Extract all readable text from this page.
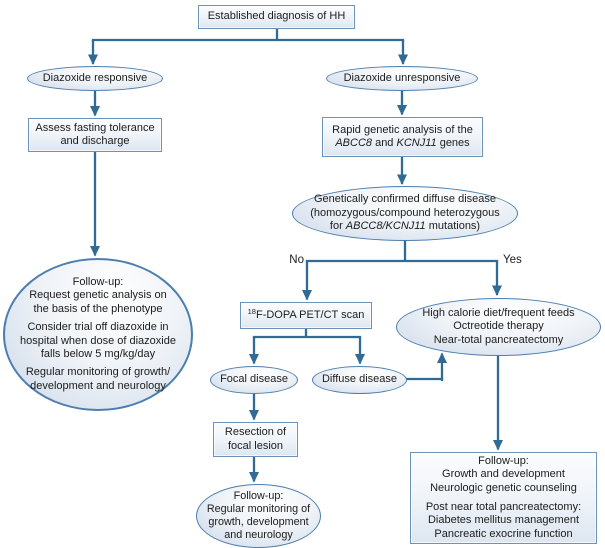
Established diagnosis of HH
Diazoxide responsive
Assess fasting tolerance
and discharge
Follow-up:
Request genetic analysis on
the basis of the phenotype
Consider trial off diazoxide in
hospital when dose of diazoxide
falls below 5 mg/kg/day
Regular monitoring of growth/
development and neurology
Diazoxide unresponsive
Rapid genetic analysis of the
ABCC8 and KCNJ11 genes
Genetically confirmed diffuse disease
(homozygous/compound heterozygous
for ABCC8/KCNJ11 mutations)
No	Yes
$^{18}$F-DOPA PET/CT scan
Focal disease	Diffuse disease
Resection of
focal lesion
Follow-up:
Regular monitoring of
growth, development
and neurology
High calorie diet/frequent feeds
Octreotide therapy
Near-total pancreatectomy
Follow-up:
Growth and development
Neurologic genetic counseling
Post near total pancreatectomy:
Diabetes mellitus management
Pancreatic exocrine function
